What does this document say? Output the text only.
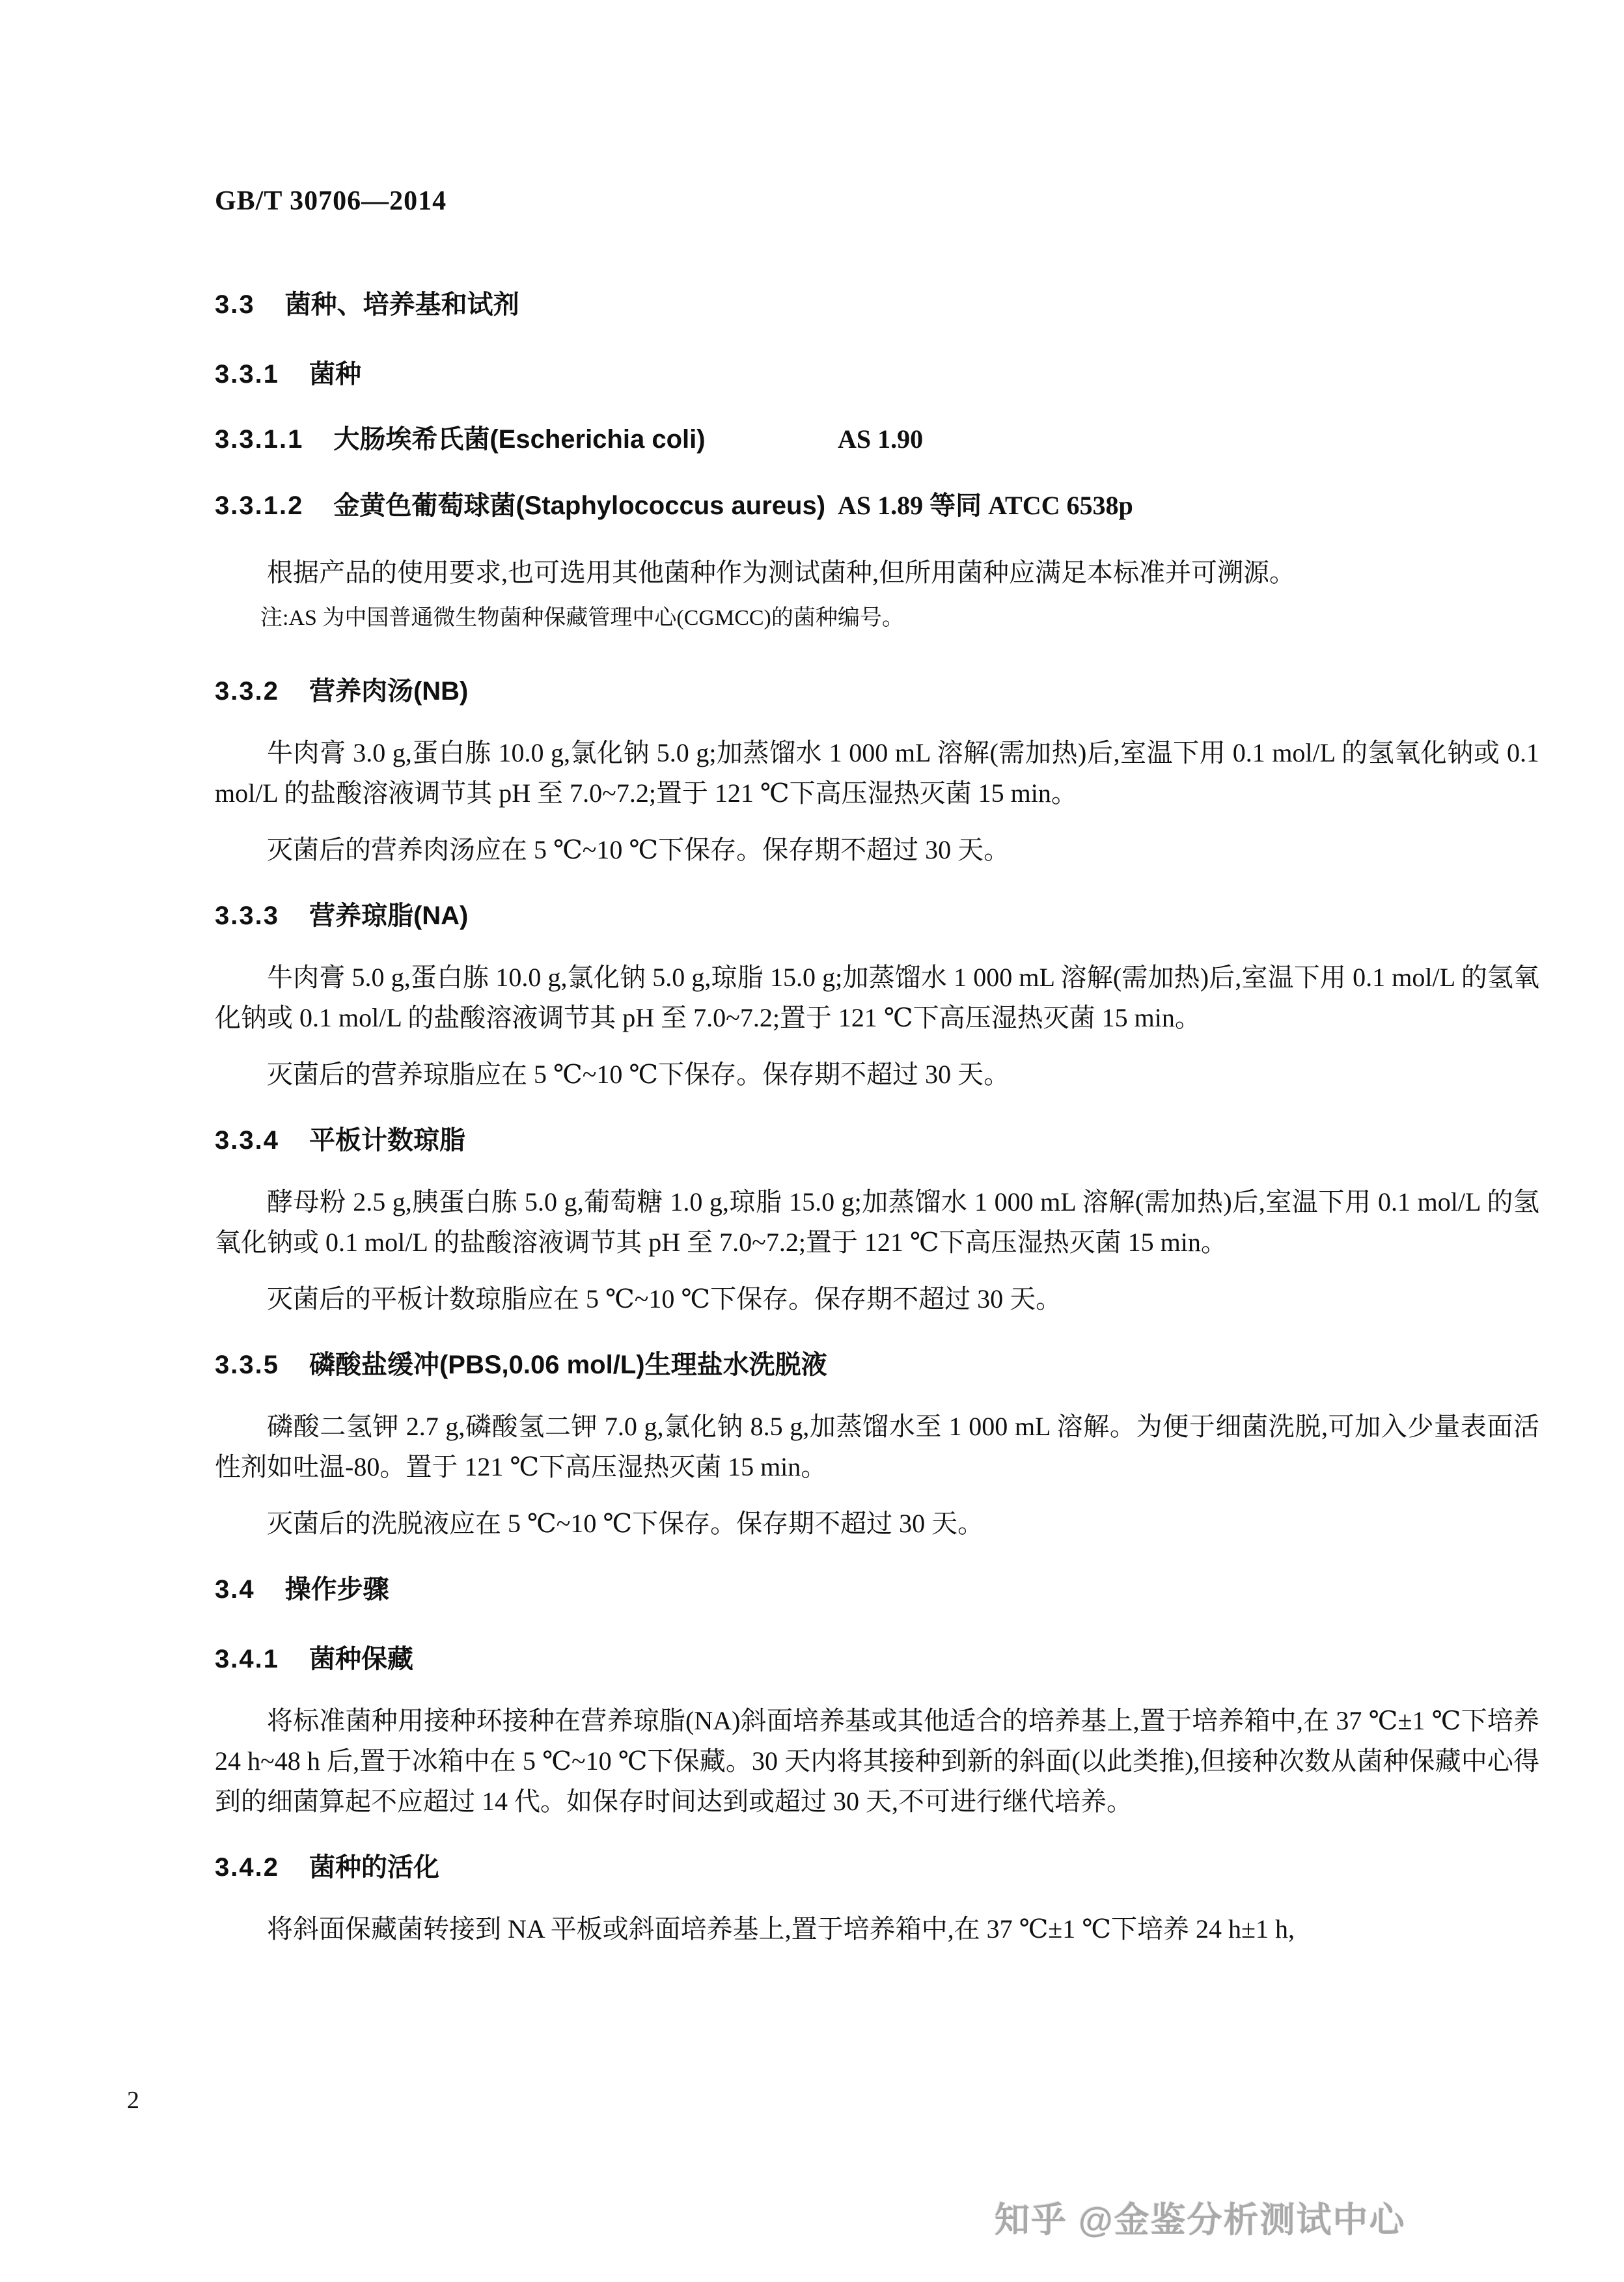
GB/T 30706—2014
3.3 菌种、培养基和试剂
3.3.1 菌种
3.3.1.1 大肠埃希氏菌(Escherichia coli)	AS 1.90
3.3.1.2 金黄色葡萄球菌(Staphylococcus aureus) AS 1.89 等同 ATCC 6538p

根据产品的使用要求,也可选用其他菌种作为测试菌种,但所用菌种应满足本标准并可溯源。

注:AS 为中国普通微生物菌种保藏管理中心(CGMCC)的菌种编号。

3.3.2 营养肉汤(NB)

牛肉膏 3.0 g,蛋白胨 10.0 g,氯化钠 5.0 g;加蒸馏水 1 000 mL 溶解(需加热)后,室温下用 0.1 mol/L 的氢氧化钠或 0.1 mol/L 的盐酸溶液调节其 pH 至 7.0~7.2;置于 121 ℃下高压湿热灭菌 15 min。

灭菌后的营养肉汤应在 5 ℃~10 ℃下保存。保存期不超过 30 天。

3.3.3 营养琼脂(NA)

牛肉膏 5.0 g,蛋白胨 10.0 g,氯化钠 5.0 g,琼脂 15.0 g;加蒸馏水 1 000 mL 溶解(需加热)后,室温下用 0.1 mol/L 的氢氧化钠或 0.1 mol/L 的盐酸溶液调节其 pH 至 7.0~7.2;置于 121 ℃下高压湿热灭菌 15 min。

灭菌后的营养琼脂应在 5 ℃~10 ℃下保存。保存期不超过 30 天。

3.3.4 平板计数琼脂

酵母粉 2.5 g,胰蛋白胨 5.0 g,葡萄糖 1.0 g,琼脂 15.0 g;加蒸馏水 1 000 mL 溶解(需加热)后,室温下用 0.1 mol/L 的氢氧化钠或 0.1 mol/L 的盐酸溶液调节其 pH 至 7.0~7.2;置于 121 ℃下高压湿热灭菌 15 min。

灭菌后的平板计数琼脂应在 5 ℃~10 ℃下保存。保存期不超过 30 天。

3.3.5 磷酸盐缓冲(PBS,0.06 mol/L)生理盐水洗脱液

磷酸二氢钾 2.7 g,磷酸氢二钾 7.0 g,氯化钠 8.5 g,加蒸馏水至 1 000 mL 溶解。为便于细菌洗脱,可加入少量表面活性剂如吐温-80。置于 121 ℃下高压湿热灭菌 15 min。

灭菌后的洗脱液应在 5 ℃~10 ℃下保存。保存期不超过 30 天。

3.4 操作步骤
3.4.1 菌种保藏

将标准菌种用接种环接种在营养琼脂(NA)斜面培养基或其他适合的培养基上,置于培养箱中,在 37 ℃±1 ℃下培养 24 h~48 h 后,置于冰箱中在 5 ℃~10 ℃下保藏。30 天内将其接种到新的斜面(以此类推),但接种次数从菌种保藏中心得到的细菌算起不应超过 14 代。如保存时间达到或超过 30 天,不可进行继代培养。

3.4.2 菌种的活化

将斜面保藏菌转接到 NA 平板或斜面培养基上,置于培养箱中,在 37 ℃±1 ℃下培养 24 h±1 h,

2
知乎 @金鉴分析测试中心
